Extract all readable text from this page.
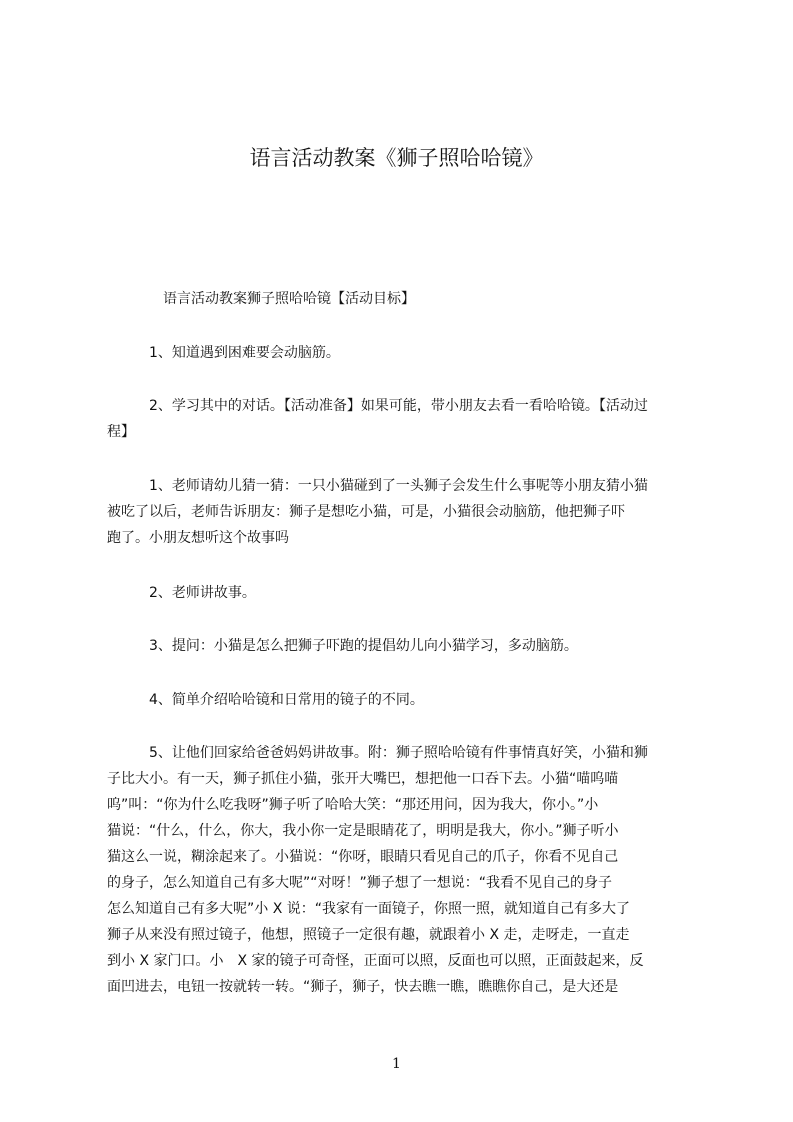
语言活动教案《狮子照哈哈镜》
　　　　语言活动教案狮子照哈哈镜【活动目标】
　　　1、知道遇到困难要会动脑筋。
　　　2、学习其中的对话。【活动准备】如果可能，带小朋友去看一看哈哈镜。【活动过
程】
　　　1、老师请幼儿猜一猜：一只小猫碰到了一头狮子会发生什么事呢等小朋友猜小猫
被吃了以后，老师告诉朋友：狮子是想吃小猫，可是，小猫很会动脑筋，他把狮子吓
跑了。小朋友想听这个故事吗
　　　2、老师讲故事。
　　　3、提问：小猫是怎么把狮子吓跑的提倡幼儿向小猫学习，多动脑筋。
　　　4、简单介绍哈哈镜和日常用的镜子的不同。
　　　5、让他们回家给爸爸妈妈讲故事。附：狮子照哈哈镜有件事情真好笑，小猫和狮
子比大小。有一天，狮子抓住小猫，张开大嘴巴，想把他一口吞下去。小猫“喵呜喵
呜”叫：“你为什么吃我呀”狮子听了哈哈大笑：“那还用问，因为我大，你小。”小
猫说：“什么，什么，你大，我小你一定是眼睛花了，明明是我大，你小。”狮子听小
猫这么一说，糊涂起来了。小猫说：“你呀，眼睛只看见自己的爪子，你看不见自己
的身子，怎么知道自己有多大呢”“对呀！”狮子想了一想说：“我看不见自己的身子
怎么知道自己有多大呢”小 X 说：“我家有一面镜子，你照一照，就知道自己有多大了
狮子从来没有照过镜子，他想，照镜子一定很有趣，就跟着小 X 走，走呀走，一直走
到小 X 家门口。小　X 家的镜子可奇怪，正面可以照，反面也可以照，正面鼓起来，反
面凹进去，电钮一按就转一转。“狮子，狮子，快去瞧一瞧，瞧瞧你自己，是大还是
1
